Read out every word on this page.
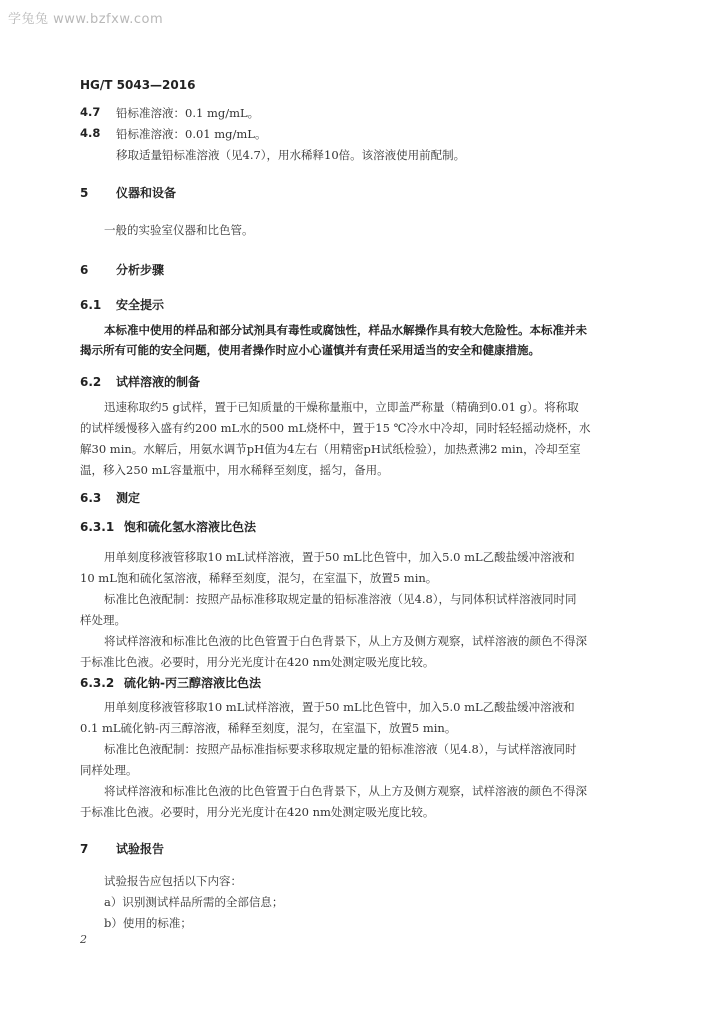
学兔兔 www.bzfxw.com
HG/T 5043—2016
4.7 铅标准溶液：0.1 mg/mL。
4.8 铅标准溶液：0.01 mg/mL。
移取适量铅标准溶液（见4.7），用水稀释10倍。该溶液使用前配制。
5 仪器和设备
一般的实验室仪器和比色管。
6 分析步骤
6.1 安全提示
本标准中使用的样品和部分试剂具有毒性或腐蚀性，样品水解操作具有较大危险性。本标准并未
揭示所有可能的安全问题，使用者操作时应小心谨慎并有责任采用适当的安全和健康措施。
6.2 试样溶液的制备
迅速称取约5 g试样，置于已知质量的干燥称量瓶中，立即盖严称量（精确到0.01 g）。将称取
的试样缓慢移入盛有约200 mL水的500 mL烧杯中，置于15 ℃冷水中冷却，同时轻轻摇动烧杯，水
解30 min。水解后，用氨水调节pH值为4左右（用精密pH试纸检验），加热煮沸2 min，冷却至室
温，移入250 mL容量瓶中，用水稀释至刻度，摇匀，备用。
6.3 测定
6.3.1 饱和硫化氢水溶液比色法
用单刻度移液管移取10 mL试样溶液，置于50 mL比色管中，加入5.0 mL乙酸盐缓冲溶液和
10 mL饱和硫化氢溶液，稀释至刻度，混匀，在室温下，放置5 min。
标准比色液配制：按照产品标准移取规定量的铅标准溶液（见4.8），与同体积试样溶液同时同
样处理。
将试样溶液和标准比色液的比色管置于白色背景下，从上方及侧方观察，试样溶液的颜色不得深
于标准比色液。必要时，用分光光度计在420 nm处测定吸光度比较。
6.3.2 硫化钠-丙三醇溶液比色法
用单刻度移液管移取10 mL试样溶液，置于50 mL比色管中，加入5.0 mL乙酸盐缓冲溶液和
0.1 mL硫化钠-丙三醇溶液，稀释至刻度，混匀，在室温下，放置5 min。
标准比色液配制：按照产品标准指标要求移取规定量的铅标准溶液（见4.8），与试样溶液同时
同样处理。
将试样溶液和标准比色液的比色管置于白色背景下，从上方及侧方观察，试样溶液的颜色不得深
于标准比色液。必要时，用分光光度计在420 nm处测定吸光度比较。
7 试验报告
试验报告应包括以下内容：
a）识别测试样品所需的全部信息；
b）使用的标准；
2
